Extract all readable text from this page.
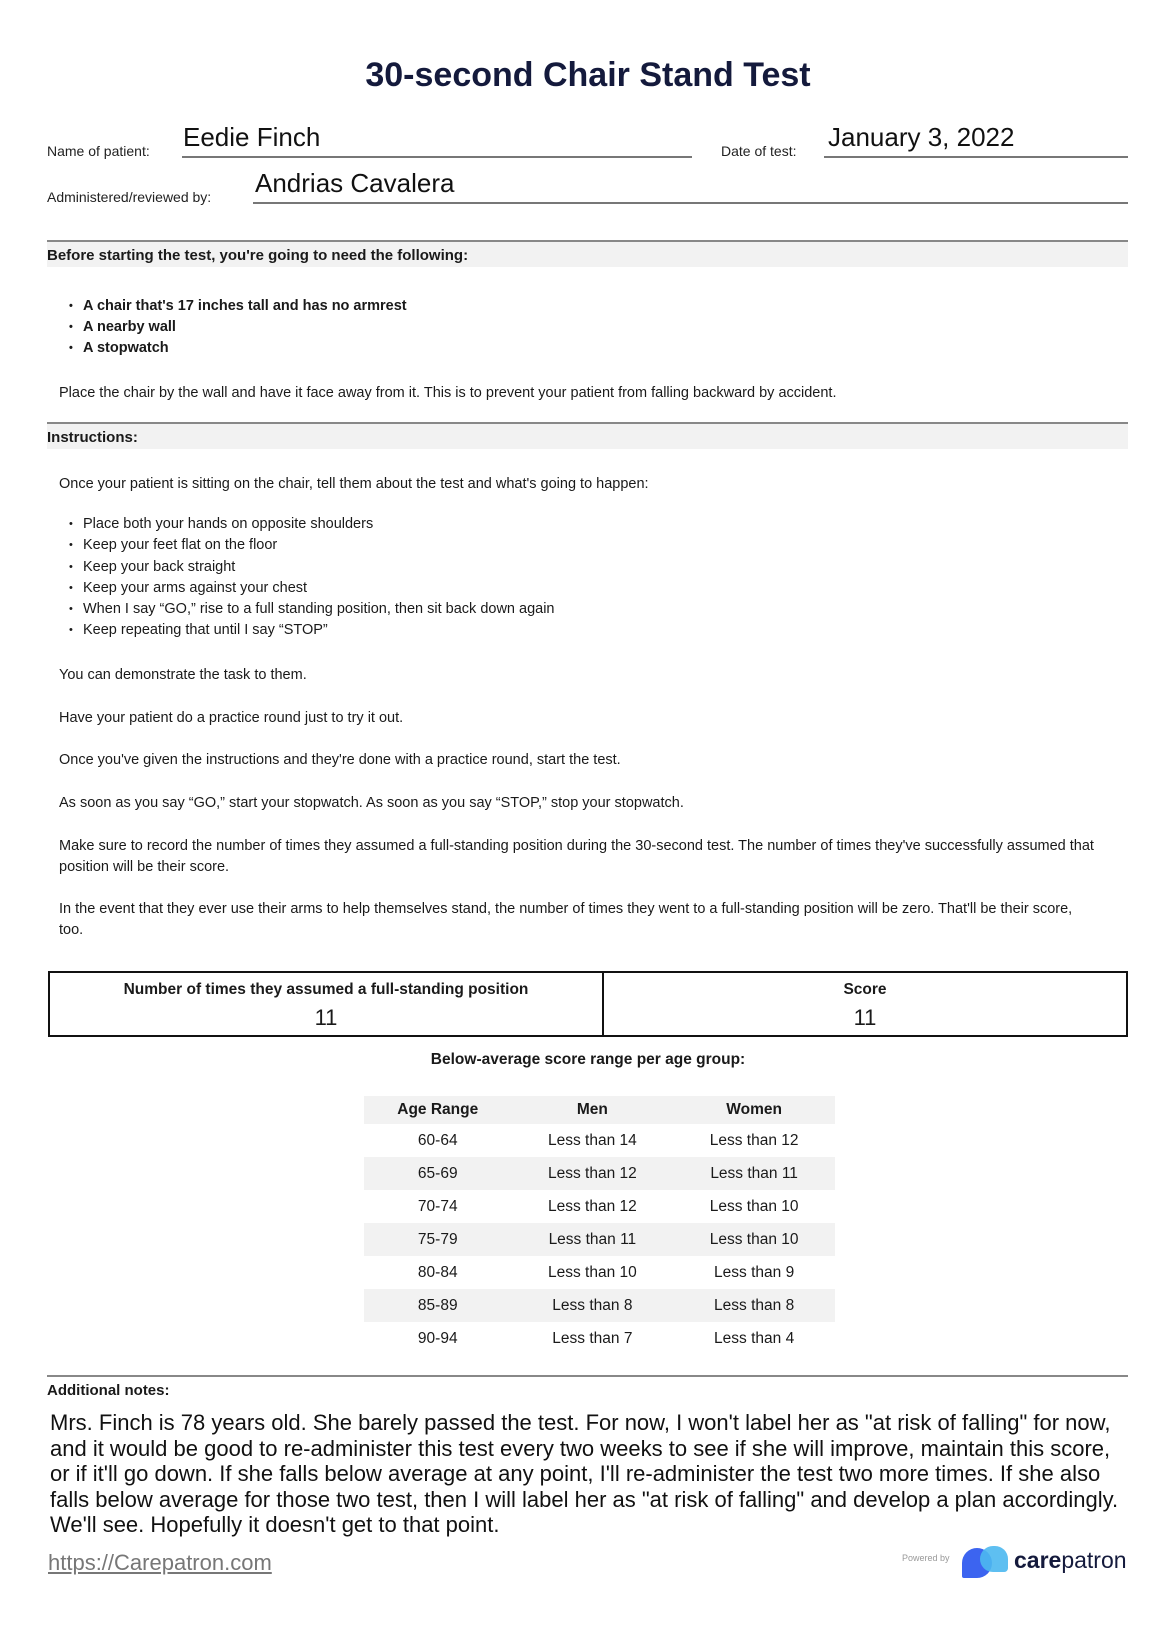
30-second Chair Stand Test
Name of patient: Eedie Finch	Date of test: January 3, 2022
Administered/reviewed by: Andrias Cavalera
Before starting the test, you're going to need the following:
A chair that's 17 inches tall and has no armrest
A nearby wall
A stopwatch
Place the chair by the wall and have it face away from it. This is to prevent your patient from falling backward by accident.
Instructions:
Once your patient is sitting on the chair, tell them about the test and what's going to happen:
Place both your hands on opposite shoulders
Keep your feet flat on the floor
Keep your back straight
Keep your arms against your chest
When I say “GO,” rise to a full standing position, then sit back down again
Keep repeating that until I say “STOP”
You can demonstrate the task to them.
Have your patient do a practice round just to try it out.
Once you've given the instructions and they're done with a practice round, start the test.
As soon as you say “GO,” start your stopwatch. As soon as you say “STOP,” stop your stopwatch.
Make sure to record the number of times they assumed a full-standing position during the 30-second test. The number of times they've successfully assumed that position will be their score.
In the event that they ever use their arms to help themselves stand, the number of times they went to a full-standing position will be zero. That'll be their score, too.
Number of times they assumed a full-standing position
11
Score
11
Below-average score range per age group:
Age Range	Men	Women
60-64	Less than 14	Less than 12
65-69	Less than 12	Less than 11
70-74	Less than 12	Less than 10
75-79	Less than 11	Less than 10
80-84	Less than 10	Less than 9
85-89	Less than 8	Less than 8
90-94	Less than 7	Less than 4
Additional notes:
Mrs. Finch is 78 years old. She barely passed the test. For now, I won't label her as "at risk of falling" for now, and it would be good to re-administer this test every two weeks to see if she will improve, maintain this score, or if it'll go down. If she falls below average at any point, I'll re-administer the test two more times. If she also falls below average for those two test, then I will label her as "at risk of falling" and develop a plan accordingly. We'll see. Hopefully it doesn't get to that point.
https://Carepatron.com	Powered by	carepatron
